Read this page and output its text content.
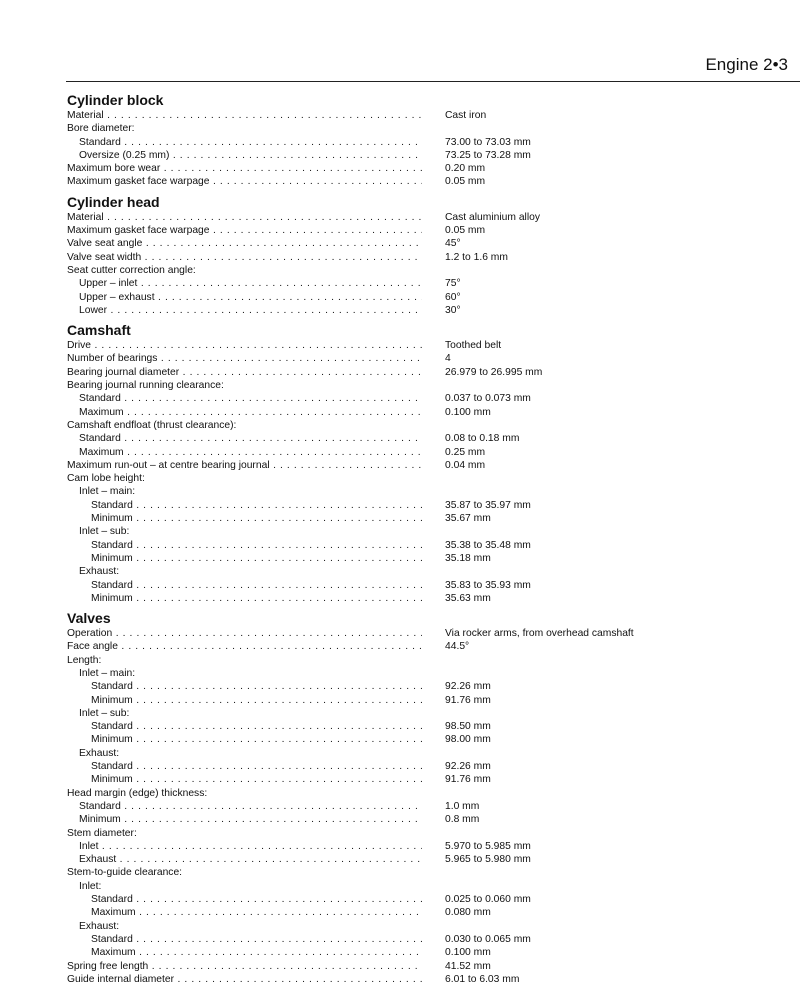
Engine 2•3
Cylinder block
Material . . .	Cast iron
Bore diameter:
Standard . . .	73.00 to 73.03 mm
Oversize (0.25 mm) . . .	73.25 to 73.28 mm
Maximum bore wear . . .	0.20 mm
Maximum gasket face warpage . . .	0.05 mm
Cylinder head
Material . . .	Cast aluminium alloy
Maximum gasket face warpage . . .	0.05 mm
Valve seat angle . . .	45°
Valve seat width . . .	1.2 to 1.6 mm
Seat cutter correction angle:
Upper – inlet . . .	75°
Upper – exhaust . . .	60°
Lower . . .	30°
Camshaft
Drive . . .	Toothed belt
Number of bearings . . .	4
Bearing journal diameter . . .	26.979 to 26.995 mm
Bearing journal running clearance:
Standard . . .	0.037 to 0.073 mm
Maximum . . .	0.100 mm
Camshaft endfloat (thrust clearance):
Standard . . .	0.08 to 0.18 mm
Maximum . . .	0.25 mm
Maximum run-out – at centre bearing journal . . .	0.04 mm
Cam lobe height:
Inlet – main:
Standard . . .	35.87 to 35.97 mm
Minimum . . .	35.67 mm
Inlet – sub:
Standard . . .	35.38 to 35.48 mm
Minimum . . .	35.18 mm
Exhaust:
Standard . . .	35.83 to 35.93 mm
Minimum . . .	35.63 mm
Valves
Operation . . .	Via rocker arms, from overhead camshaft
Face angle . . .	44.5°
Length:
Inlet – main:
Standard . . .	92.26 mm
Minimum . . .	91.76 mm
Inlet – sub:
Standard . . .	98.50 mm
Minimum . . .	98.00 mm
Exhaust:
Standard . . .	92.26 mm
Minimum . . .	91.76 mm
Head margin (edge) thickness:
Standard . . .	1.0 mm
Minimum . . .	0.8 mm
Stem diameter:
Inlet . . .	5.970 to 5.985 mm
Exhaust . . .	5.965 to 5.980 mm
Stem-to-guide clearance:
Inlet:
Standard . . .	0.025 to 0.060 mm
Maximum . . .	0.080 mm
Exhaust:
Standard . . .	0.030 to 0.065 mm
Maximum . . .	0.100 mm
Spring free length . . .	41.52 mm
Guide internal diameter . . .	6.01 to 6.03 mm
